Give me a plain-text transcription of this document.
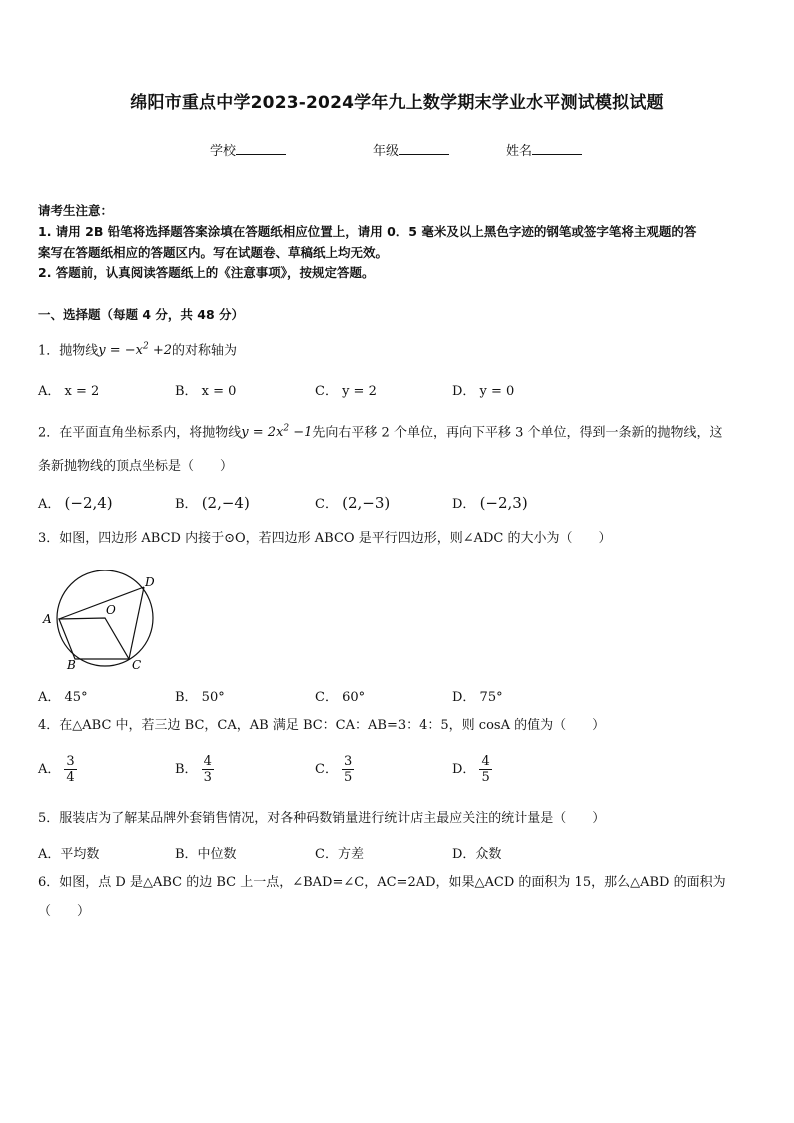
绵阳市重点中学2023-2024学年九上数学期末学业水平测试模拟试题
学校	年级	姓名
请考生注意：
1. 请用 2B 铅笔将选择题答案涂填在答题纸相应位置上，请用 0．5 毫米及以上黑色字迹的钢笔或签字笔将主观题的答
案写在答题纸相应的答题区内。写在试题卷、草稿纸上均无效。
2. 答题前，认真阅读答题纸上的《注意事项》，按规定答题。
一、选择题（每题 4 分，共 48 分）
1．抛物线$y = -x^2 +2$的对称轴为
A． x = 2	B． x = 0	C． y = 2	D． y = 0
2．在平面直角坐标系内，将抛物线$y = 2x^2 -1$先向右平移 2 个单位，再向下平移 3 个单位，得到一条新的抛物线，这
条新抛物线的顶点坐标是（　　）
A． (−2,4)	B． (2,−4)	C． (2,−3)	D． (−2,3)
3．如图，四边形 ABCD 内接于⊙O，若四边形 ABCO 是平行四边形，则∠ADC 的大小为（　　）
A
B	C
D
O
A． 45°	B． 50°	C． 60°	D． 75°
4．在△ABC 中，若三边 BC，CA，AB 满足 BC：CA：AB=3：4：5，则 cosA 的值为（　　）
A． $\frac{3}{4}$	B． $\frac{4}{3}$	C． $\frac{3}{5}$	D． $\frac{4}{5}$
5．服装店为了解某品牌外套销售情况，对各种码数销量进行统计店主最应关注的统计量是（　　）
A．平均数	B．中位数	C．方差	D．众数
6．如图，点 D 是△ABC 的边 BC 上一点，∠BAD=∠C，AC=2AD，如果△ACD 的面积为 15，那么△ABD 的面积为
（　　）
